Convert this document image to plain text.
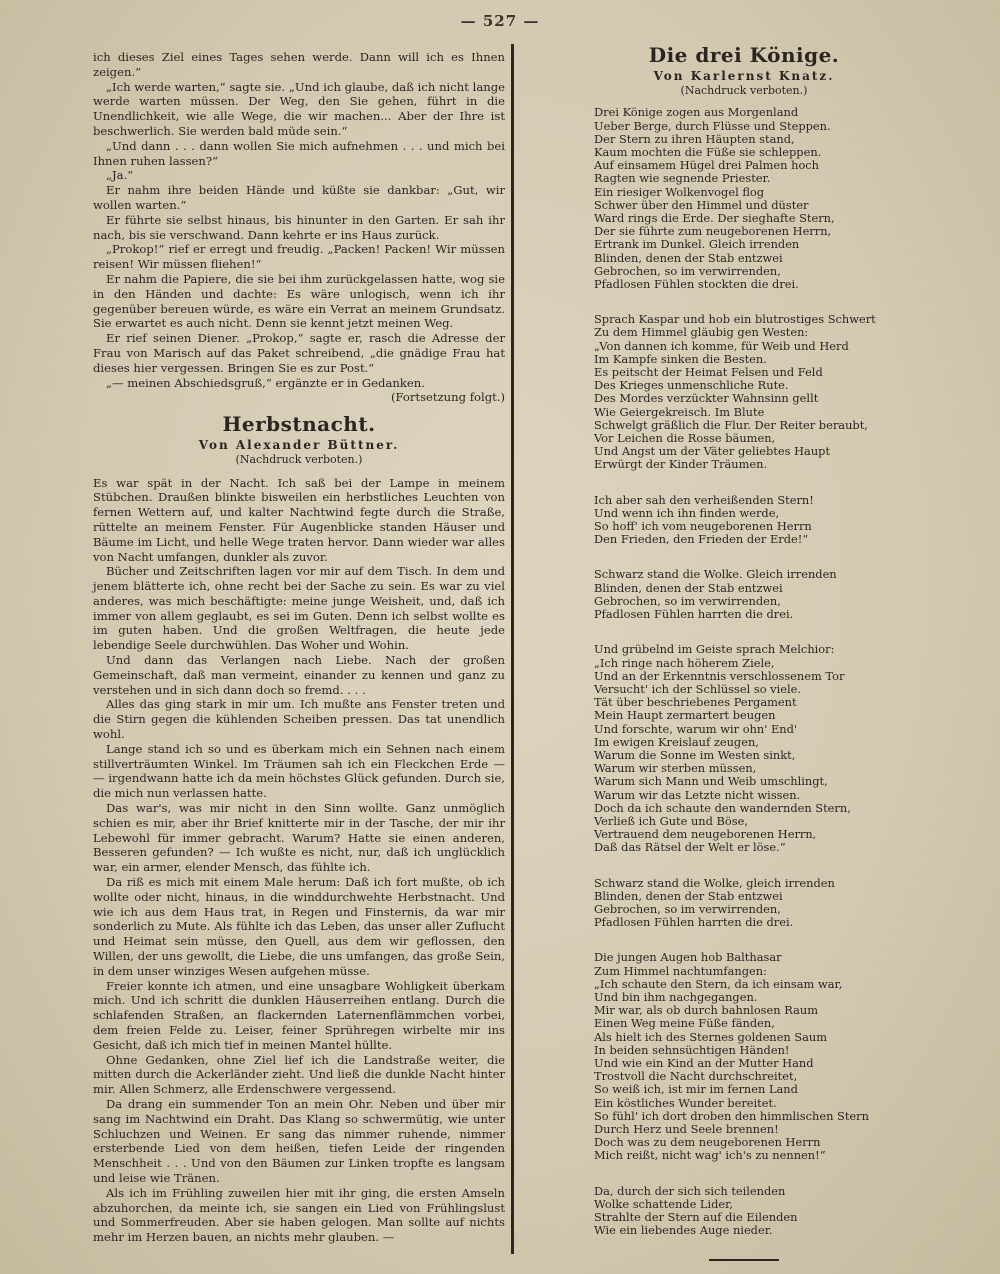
— 527 —

ich dieses Ziel eines Tages sehen werde. Dann will ich es Ihnen zeigen.“

„Ich werde warten,“ sagte sie. „Und ich glaube, daß ich nicht lange werde warten müssen. Der Weg, den Sie gehen, führt in die Unendlichkeit, wie alle Wege, die wir machen... Aber der Ihre ist beschwerlich. Sie werden bald müde sein.“

„Und dann . . . dann wollen Sie mich aufnehmen . . . und mich bei Ihnen ruhen lassen?“

„Ja.“

Er nahm ihre beiden Hände und küßte sie dankbar: „Gut, wir wollen warten.“

Er führte sie selbst hinaus, bis hinunter in den Garten. Er sah ihr nach, bis sie verschwand. Dann kehrte er ins Haus zurück.

„Prokop!“ rief er erregt und freudig. „Packen! Packen! Wir müssen reisen! Wir müssen fliehen!“

Er nahm die Papiere, die sie bei ihm zurückgelassen hatte, wog sie in den Händen und dachte: Es wäre unlogisch, wenn ich ihr gegenüber bereuen würde, es wäre ein Verrat an meinem Grundsatz. Sie erwartet es auch nicht. Denn sie kennt jetzt meinen Weg.

Er rief seinen Diener. „Prokop,“ sagte er, rasch die Adresse der Frau von Marisch auf das Paket schreibend, „die gnädige Frau hat dieses hier vergessen. Bringen Sie es zur Post.“

„— meinen Abschiedsgruß,“ ergänzte er in Gedanken.

(Fortsetzung folgt.)
Herbstnacht.
Von Alexander Büttner.
(Nachdruck verboten.)

Es war spät in der Nacht. Ich saß bei der Lampe in meinem Stübchen. Draußen blinkte bisweilen ein herbstliches Leuchten von fernen Wettern auf, und kalter Nachtwind fegte durch die Straße, rüttelte an meinem Fenster. Für Augenblicke standen Häuser und Bäume im Licht, und helle Wege traten hervor. Dann wieder war alles von Nacht umfangen, dunkler als zuvor.

Bücher und Zeitschriften lagen vor mir auf dem Tisch. In dem und jenem blätterte ich, ohne recht bei der Sache zu sein. Es war zu viel anderes, was mich beschäftigte: meine junge Weisheit, und, daß ich immer von allem geglaubt, es sei im Guten. Denn ich selbst wollte es im guten haben. Und die großen Weltfragen, die heute jede lebendige Seele durchwühlen. Das Woher und Wohin.

Und dann das Verlangen nach Liebe. Nach der großen Gemeinschaft, daß man vermeint, einander zu kennen und ganz zu verstehen und in sich dann doch so fremd. . . .

Alles das ging stark in mir um. Ich mußte ans Fenster treten und die Stirn gegen die kühlenden Scheiben pressen. Das tat unendlich wohl.

Lange stand ich so und es überkam mich ein Sehnen nach einem stillverträumten Winkel. Im Träumen sah ich ein Fleckchen Erde — — irgendwann hatte ich da mein höchstes Glück gefunden. Durch sie, die mich nun verlassen hatte.

Das war's, was mir nicht in den Sinn wollte. Ganz unmöglich schien es mir, aber ihr Brief knitterte mir in der Tasche, der mir ihr Lebewohl für immer gebracht. Warum? Hatte sie einen anderen, Besseren gefunden? — Ich wußte es nicht, nur, daß ich unglücklich war, ein armer, elender Mensch, das fühlte ich.

Da riß es mich mit einem Male herum: Daß ich fort mußte, ob ich wollte oder nicht, hinaus, in die winddurchwehte Herbstnacht. Und wie ich aus dem Haus trat, in Regen und Finsternis, da war mir sonderlich zu Mute. Als fühlte ich das Leben, das unser aller Zuflucht und Heimat sein müsse, den Quell, aus dem wir geflossen, den Willen, der uns gewollt, die Liebe, die uns umfangen, das große Sein, in dem unser winziges Wesen aufgehen müsse.

Freier konnte ich atmen, und eine unsagbare Wohligkeit überkam mich. Und ich schritt die dunklen Häuserreihen entlang. Durch die schlafenden Straßen, an flackernden Laternenflämmchen vorbei, dem freien Felde zu. Leiser, feiner Sprühregen wirbelte mir ins Gesicht, daß ich mich tief in meinen Mantel hüllte.

Ohne Gedanken, ohne Ziel lief ich die Landstraße weiter, die mitten durch die Ackerländer zieht. Und ließ die dunkle Nacht hinter mir. Allen Schmerz, alle Erdenschwere vergessend.

Da drang ein summender Ton an mein Ohr. Neben und über mir sang im Nachtwind ein Draht. Das Klang so schwermütig, wie unter Schluchzen und Weinen. Er sang das nimmer ruhende, nimmer ersterbende Lied von dem heißen, tiefen Leide der ringenden Menschheit . . . Und von den Bäumen zur Linken tropfte es langsam und leise wie Tränen.

Als ich im Frühling zuweilen hier mit ihr ging, die ersten Amseln abzuhorchen, da meinte ich, sie sangen ein Lied von Frühlingslust und Sommerfreuden. Aber sie haben gelogen. Man sollte auf nichts mehr im Herzen bauen, an nichts mehr glauben. —

Die drei Könige.
Von Karlernst Knatz.
(Nachdruck verboten.)
Drei Könige zogen aus Morgenland
Ueber Berge, durch Flüsse und Steppen.
Der Stern zu ihren Häupten stand,
Kaum mochten die Füße sie schleppen.
Auf einsamem Hügel drei Palmen hoch
Ragten wie segnende Priester.
Ein riesiger Wolkenvogel flog
Schwer über den Himmel und düster
Ward rings die Erde. Der sieghafte Stern,
Der sie führte zum neugeborenen Herrn,
Ertrank im Dunkel. Gleich irrenden
Blinden, denen der Stab entzwei
Gebrochen, so im verwirrenden,
Pfadlosen Fühlen stockten die drei.
Sprach Kaspar und hob ein blutrostiges Schwert
Zu dem Himmel gläubig gen Westen:
„Von dannen ich komme, für Weib und Herd
Im Kampfe sinken die Besten.
Es peitscht der Heimat Felsen und Feld
Des Krieges unmenschliche Rute.
Des Mordes verzückter Wahnsinn gellt
Wie Geiergekreisch. Im Blute
Schwelgt gräßlich die Flur. Der Reiter beraubt,
Vor Leichen die Rosse bäumen,
Und Angst um der Väter geliebtes Haupt
Erwürgt der Kinder Träumen.
Ich aber sah den verheißenden Stern!
Und wenn ich ihn finden werde,
So hoff' ich vom neugeborenen Herrn
Den Frieden, den Frieden der Erde!“
Schwarz stand die Wolke. Gleich irrenden
Blinden, denen der Stab entzwei
Gebrochen, so im verwirrenden,
Pfadlosen Fühlen harrten die drei.
Und grübelnd im Geiste sprach Melchior:
„Ich ringe nach höherem Ziele,
Und an der Erkenntnis verschlossenem Tor
Versucht' ich der Schlüssel so viele.
Tät über beschriebenes Pergament
Mein Haupt zermartert beugen
Und forschte, warum wir ohn' End'
Im ewigen Kreislauf zeugen,
Warum die Sonne im Westen sinkt,
Warum wir sterben müssen,
Warum sich Mann und Weib umschlingt,
Warum wir das Letzte nicht wissen.
Doch da ich schaute den wandernden Stern,
Verließ ich Gute und Böse,
Vertrauend dem neugeborenen Herrn,
Daß das Rätsel der Welt er löse.“
Schwarz stand die Wolke, gleich irrenden
Blinden, denen der Stab entzwei
Gebrochen, so im verwirrenden,
Pfadlosen Fühlen harrten die drei.
Die jungen Augen hob Balthasar
Zum Himmel nachtumfangen:
„Ich schaute den Stern, da ich einsam war,
Und bin ihm nachgegangen.
Mir war, als ob durch bahnlosen Raum
Einen Weg meine Füße fänden,
Als hielt ich des Sternes goldenen Saum
In beiden sehnsüchtigen Händen!
Und wie ein Kind an der Mutter Hand
Trostvoll die Nacht durchschreitet,
So weiß ich, ist mir im fernen Land
Ein köstliches Wunder bereitet.
So fühl' ich dort droben den himmlischen Stern
Durch Herz und Seele brennen!
Doch was zu dem neugeborenen Herrn
Mich reißt, nicht wag' ich's zu nennen!“
Da, durch der sich sich teilenden
Wolke schattende Lider,
Strahlte der Stern auf die Eilenden
Wie ein liebendes Auge nieder.
